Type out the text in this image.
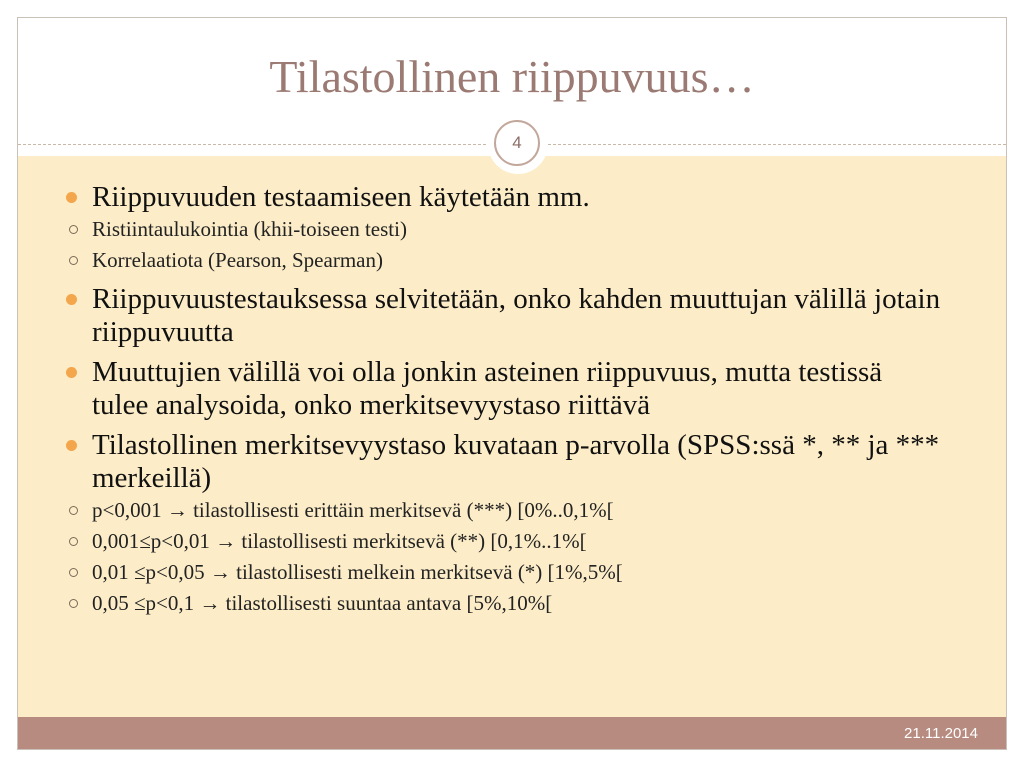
Tilastollinen riippuvuus…
Riippuvuuden testaamiseen käytetään mm.
Ristiintaulukointia (khii-toiseen testi)
Korrelaatiota (Pearson, Spearman)
Riippuvuustestauksessa selvitetään, onko kahden muuttujan välillä jotain riippuvuutta
Muuttujien välillä voi olla jonkin asteinen riippuvuus, mutta testissä tulee analysoida, onko merkitsevyystaso riittävä
Tilastollinen merkitsevyystaso kuvataan p-arvolla (SPSS:ssä *, ** ja *** merkeillä)
p<0,001 → tilastollisesti erittäin merkitsevä (***) [0%..0,1%[
0,001≤p<0,01 → tilastollisesti merkitsevä (**) [0,1%..1%[
0,01 ≤p<0,05 → tilastollisesti melkein merkitsevä (*) [1%,5%[
0,05 ≤p<0,1 → tilastollisesti suuntaa antava [5%,10%[
4
21.11.2014
